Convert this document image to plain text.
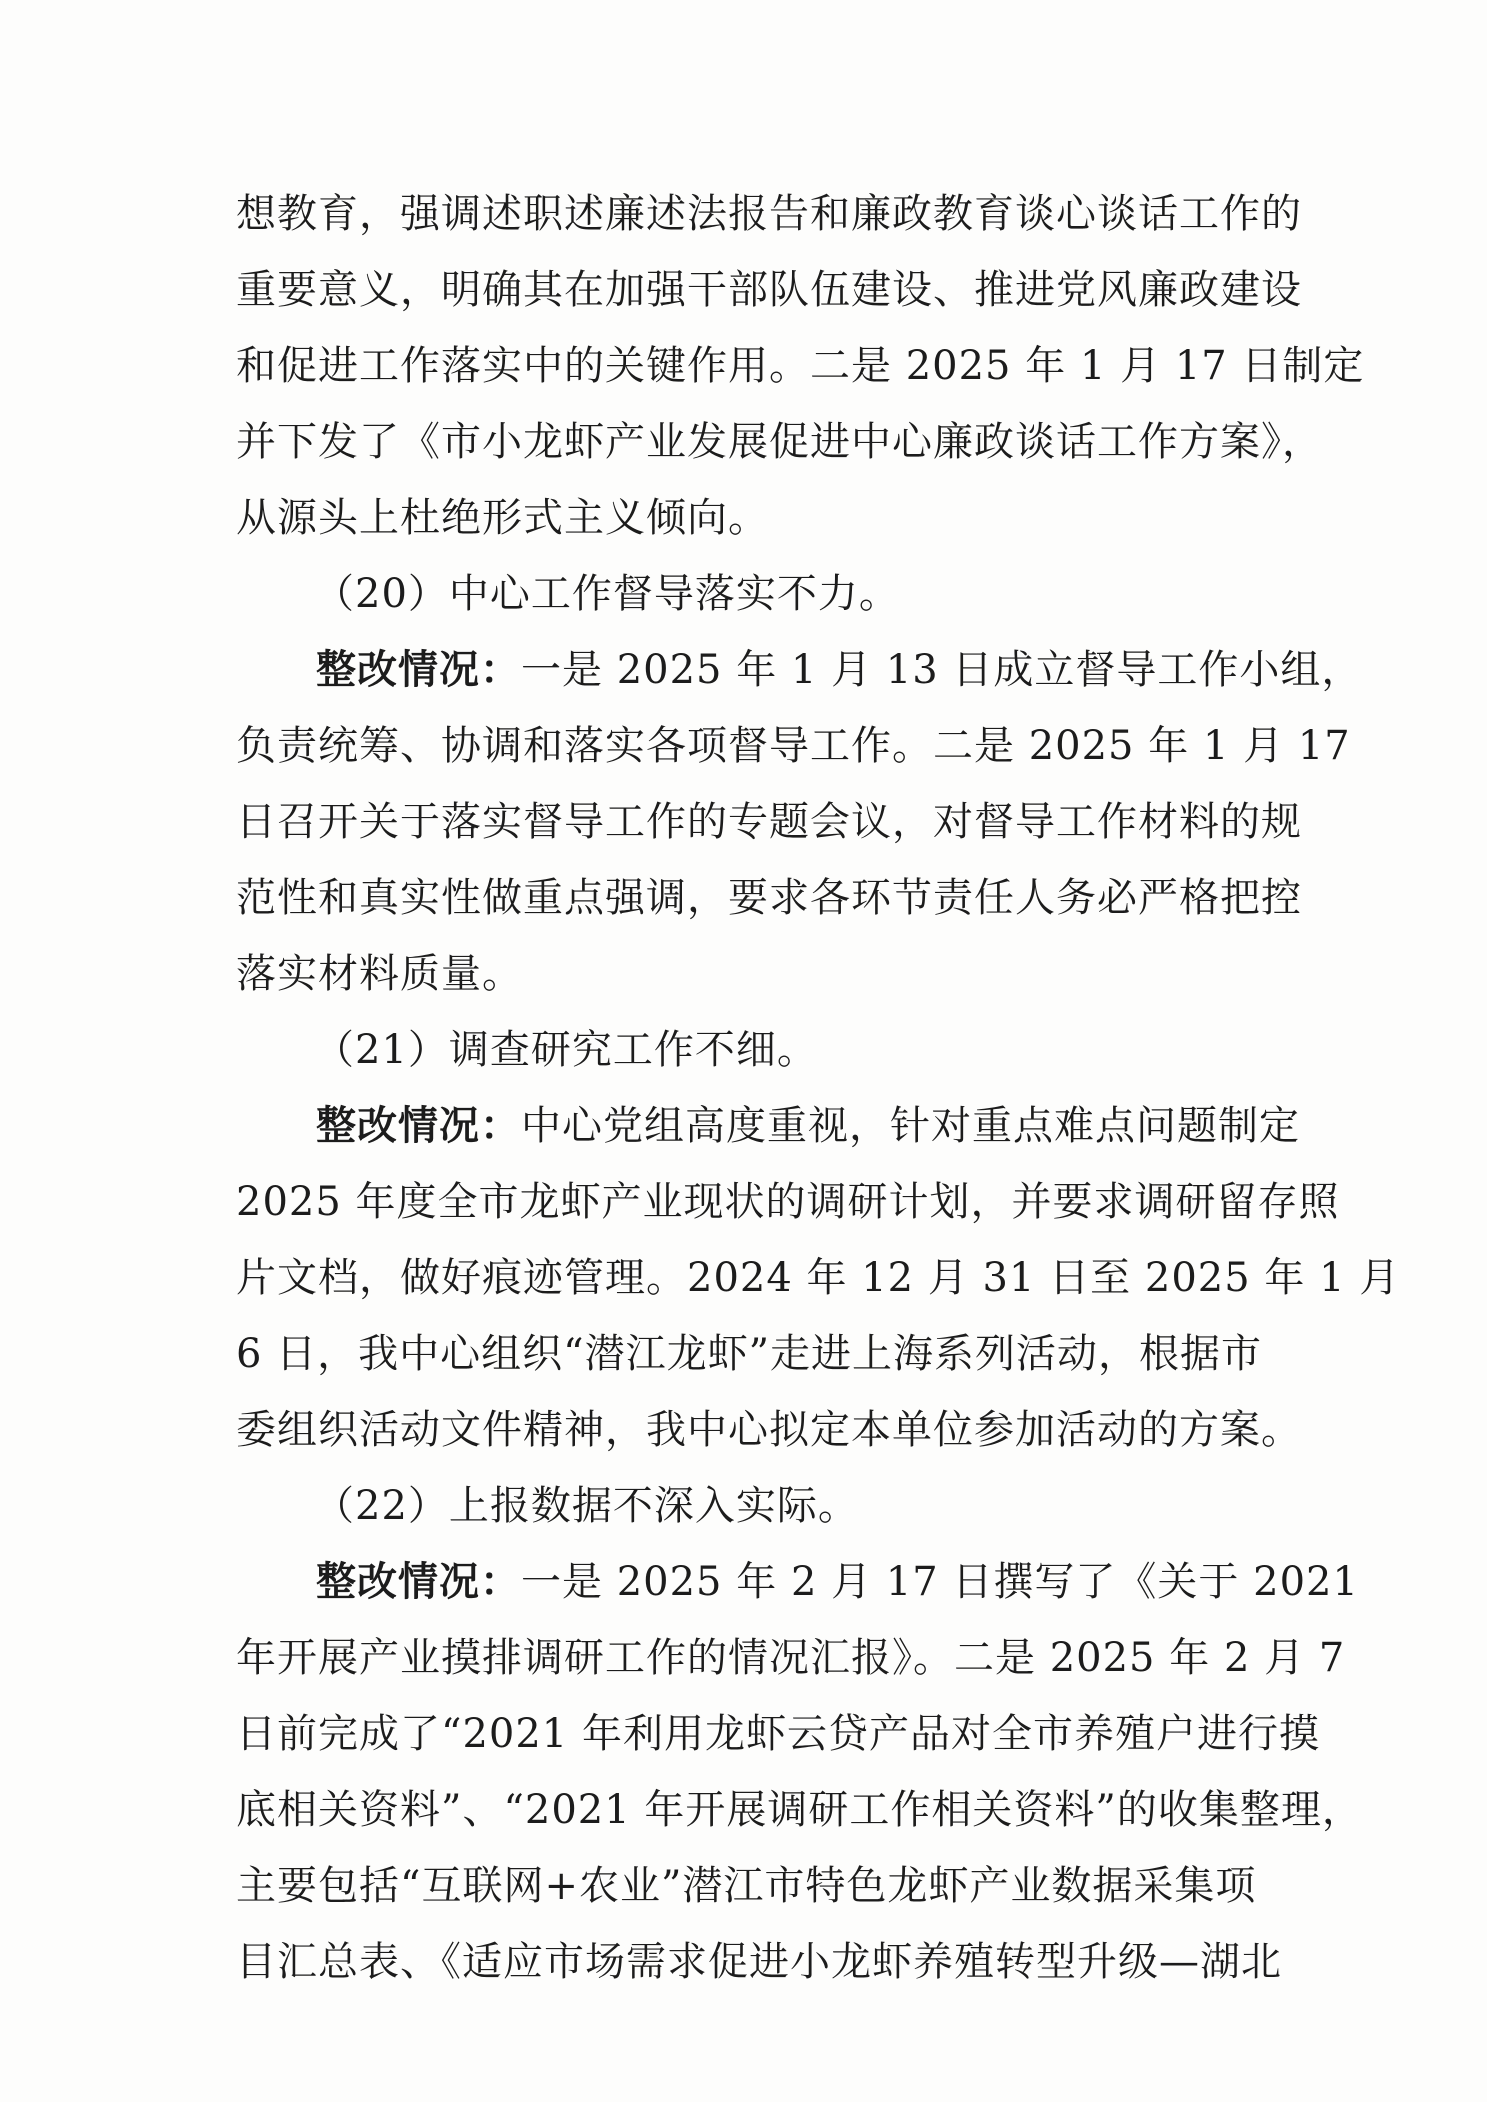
想教育，强调述职述廉述法报告和廉政教育谈心谈话工作的
重要意义，明确其在加强干部队伍建设、推进党风廉政建设
和促进工作落实中的关键作用。二是 2025 年 1 月 17 日制定
并下发了《市小龙虾产业发展促进中心廉政谈话工作方案》，
从源头上杜绝形式主义倾向。
（20）中心工作督导落实不力。
整改情况：一是 2025 年 1 月 13 日成立督导工作小组，
负责统筹、协调和落实各项督导工作。二是 2025 年 1 月 17
日召开关于落实督导工作的专题会议，对督导工作材料的规
范性和真实性做重点强调，要求各环节责任人务必严格把控
落实材料质量。
（21）调查研究工作不细。
整改情况：中心党组高度重视，针对重点难点问题制定
2025 年度全市龙虾产业现状的调研计划，并要求调研留存照
片文档，做好痕迹管理。2024 年 12 月 31 日至 2025 年 1 月
6 日，我中心组织“潜江龙虾”走进上海系列活动，根据市
委组织活动文件精神，我中心拟定本单位参加活动的方案。
（22）上报数据不深入实际。
整改情况：一是 2025 年 2 月 17 日撰写了《关于 2021
年开展产业摸排调研工作的情况汇报》。二是 2025 年 2 月 7
日前完成了“2021 年利用龙虾云贷产品对全市养殖户进行摸
底相关资料”、“2021 年开展调研工作相关资料”的收集整理，
主要包括“互联网+农业”潜江市特色龙虾产业数据采集项
目汇总表、《适应市场需求促进小龙虾养殖转型升级—湖北
